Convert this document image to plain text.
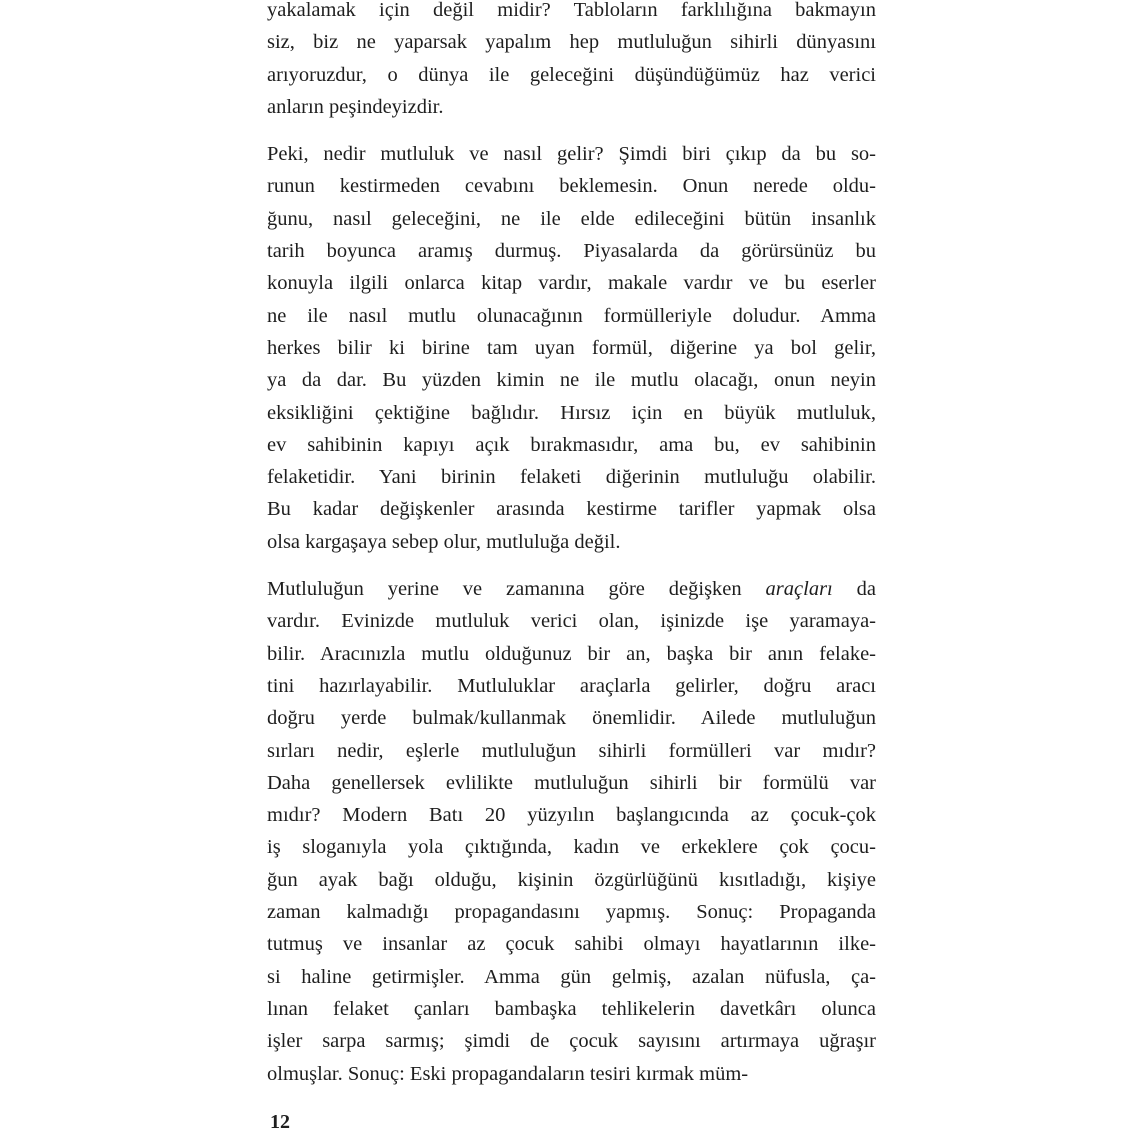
yakalamak için değil midir? Tabloların farklılığına bakmayın
siz, biz ne yaparsak yapalım hep mutluluğun sihirli dünyasını
arıyoruzdur, o dünya ile geleceğini düşündüğümüz haz verici
anların peşindeyizdir.

Peki, nedir mutluluk ve nasıl gelir? Şimdi biri çıkıp da bu so-
runun kestirmeden cevabını beklemesin. Onun nerede oldu-
ğunu, nasıl geleceğini, ne ile elde edileceğini bütün insanlık
tarih boyunca aramış durmuş. Piyasalarda da görürsünüz bu
konuyla ilgili onlarca kitap vardır, makale vardır ve bu eserler
ne ile nasıl mutlu olunacağının formülleriyle doludur. Amma
herkes bilir ki birine tam uyan formül, diğerine ya bol gelir,
ya da dar. Bu yüzden kimin ne ile mutlu olacağı, onun neyin
eksikliğini çektiğine bağlıdır. Hırsız için en büyük mutluluk,
ev sahibinin kapıyı açık bırakmasıdır, ama bu, ev sahibinin
felaketidir. Yani birinin felaketi diğerinin mutluluğu olabilir.
Bu kadar değişkenler arasında kestirme tarifler yapmak olsa
olsa kargaşaya sebep olur, mutluluğa değil.

Mutluluğun yerine ve zamanına göre değişken araçları da
vardır. Evinizde mutluluk verici olan, işinizde işe yaramaya-
bilir. Aracınızla mutlu olduğunuz bir an, başka bir anın felake-
tini hazırlayabilir. Mutluluklar araçlarla gelirler, doğru aracı
doğru yerde bulmak/kullanmak önemlidir. Ailede mutluluğun
sırları nedir, eşlerle mutluluğun sihirli formülleri var mıdır?
Daha genellersek evlilikte mutluluğun sihirli bir formülü var
mıdır? Modern Batı 20 yüzyılın başlangıcında az çocuk-çok
iş sloganıyla yola çıktığında, kadın ve erkeklere çok çocu-
ğun ayak bağı olduğu, kişinin özgürlüğünü kısıtladığı, kişiye
zaman kalmadığı propagandasını yapmış. Sonuç: Propaganda
tutmuş ve insanlar az çocuk sahibi olmayı hayatlarının ilke-
si haline getirmişler. Amma gün gelmiş, azalan nüfusla, ça-
lınan felaket çanları bambaşka tehlikelerin davetkârı olunca
işler sarpa sarmış; şimdi de çocuk sayısını artırmaya uğraşır
olmuşlar. Sonuç: Eski propagandaların tesiri kırmak müm-

12
